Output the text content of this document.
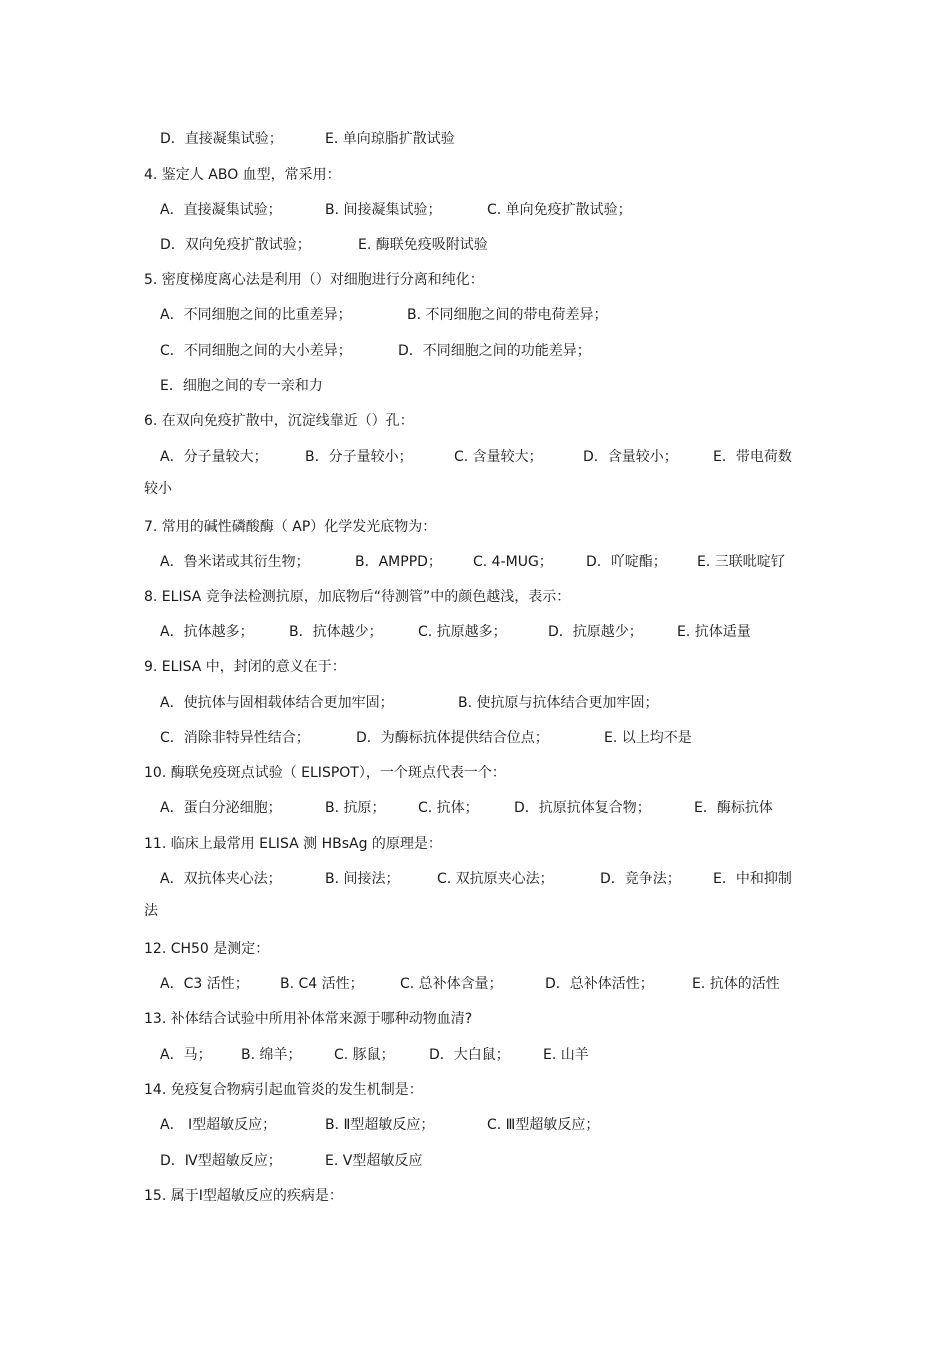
D．直接凝集试验；	E. 单向琼脂扩散试验
4. 鉴定人 ABO 血型，常采用：
A．直接凝集试验；	B. 间接凝集试验；	C. 单向免疫扩散试验；
D．双向免疫扩散试验；	E. 酶联免疫吸附试验
5. 密度梯度离心法是利用（）对细胞进行分离和纯化：
A．不同细胞之间的比重差异；	B. 不同细胞之间的带电荷差异；
C．不同细胞之间的大小差异；	D．不同细胞之间的功能差异；
E．细胞之间的专一亲和力
6. 在双向免疫扩散中，沉淀线靠近（）孔：
A．分子量较大；	B．分子量较小；	C. 含量较大；	D．含量较小；	E．带电荷数
较小
7. 常用的碱性磷酸酶（ AP）化学发光底物为：
A．鲁米诺或其衍生物；	B．AMPPD； C. 4-MUG； D．吖啶酯； E. 三联吡啶钌
8. ELISA 竞争法检测抗原，加底物后“待测管”中的颜色越浅，表示：
A．抗体越多；	B．抗体越少；	C. 抗原越多；	D．抗原越少； E. 抗体适量
9. ELISA 中，封闭的意义在于：
A．使抗体与固相载体结合更加牢固；	B. 使抗原与抗体结合更加牢固；
C．消除非特异性结合；	D．为酶标抗体提供结合位点；	E. 以上均不是
10. 酶联免疫斑点试验（ ELISPOT），一个斑点代表一个：
A．蛋白分泌细胞；	B. 抗原； C. 抗体；	D．抗原抗体复合物；	E．酶标抗体
11. 临床上最常用 ELISA 测 HBsAg 的原理是：
A．双抗体夹心法；	B. 间接法；	C. 双抗原夹心法；	D．竞争法； E．中和抑制
法
12. CH50 是测定：
A．C3 活性； B. C4 活性；	C. 总补体含量；	D．总补体活性；	E. 抗体的活性
13. 补体结合试验中所用补体常来源于哪种动物血清?
A．马； B. 绵羊； C. 豚鼠； D．大白鼠； E. 山羊
14. 免疫复合物病引起血管炎的发生机制是：
A． Ⅰ型超敏反应；	B. Ⅱ型超敏反应；	C. Ⅲ型超敏反应；
D．Ⅳ型超敏反应；	E. Ⅴ型超敏反应
15. 属于Ⅰ型超敏反应的疾病是：
